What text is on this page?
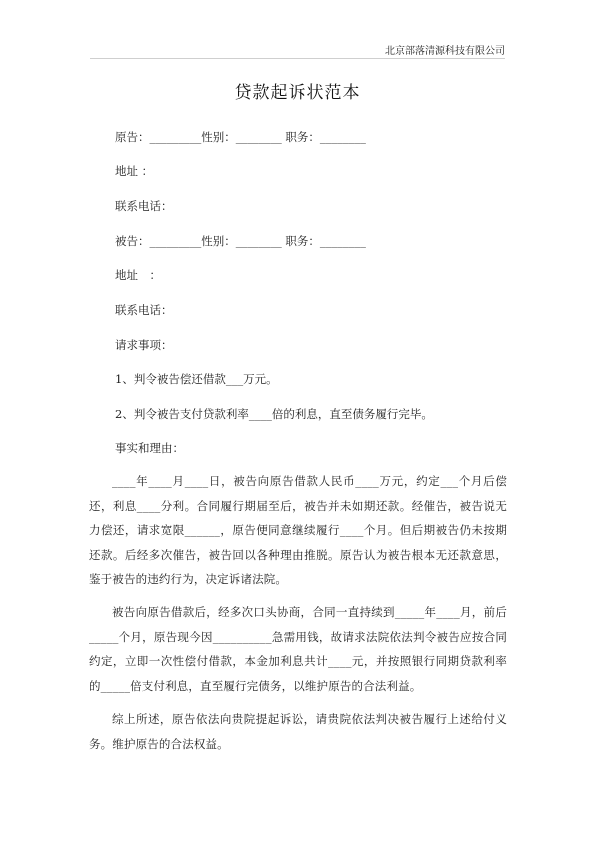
北京部落清源科技有限公司
贷款起诉状范本
原告：_________性别：________ 职务：________
地址 ：
联系电话：
被告：_________性别：________ 职务：________
地址　：
联系电话：
请求事项：
1、判令被告偿还借款___万元。
2、判令被告支付贷款利率____倍的利息，直至债务履行完毕。
事实和理由：
____年____月____日，被告向原告借款人民币____万元，约定___个月后偿还，利息____分利。合同履行期届至后，被告并未如期还款。经催告，被告说无力偿还，请求宽限______，原告便同意继续履行____个月。但后期被告仍未按期还款。后经多次催告，被告回以各种理由推脱。原告认为被告根本无还款意思，鉴于被告的违约行为，决定诉诸法院。
被告向原告借款后，经多次口头协商，合同一直持续到_____年____月，前后_____个月，原告现今因__________急需用钱，故请求法院依法判令被告应按合同约定，立即一次性偿付借款，本金加利息共计____元，并按照银行同期贷款利率的_____倍支付利息，直至履行完债务，以维护原告的合法利益。
综上所述，原告依法向贵院提起诉讼，请贵院依法判决被告履行上述给付义务。维护原告的合法权益。
